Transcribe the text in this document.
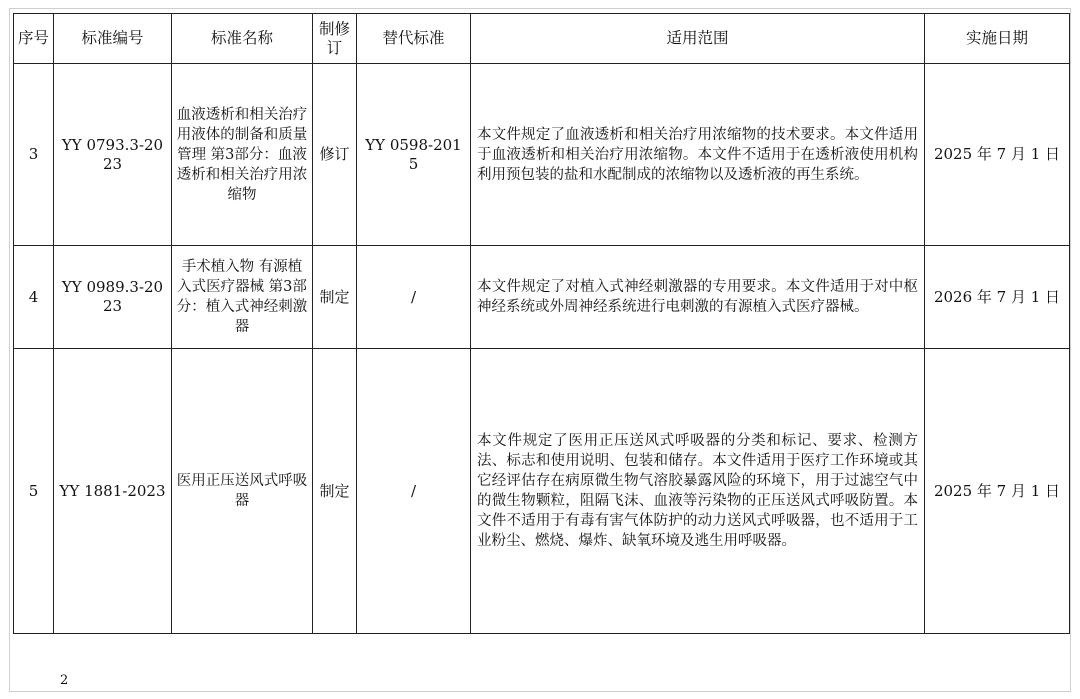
序号	标准编号	标准名称	制修订	替代标准	适用范围	实施日期
3	YY 0793.3-2023	血液透析和相关治疗用液体的制备和质量管理 第3部分：血液透析和相关治疗用浓缩物	修订	YY 0598-2015	本文件规定了血液透析和相关治疗用浓缩物的技术要求。本文件适用于血液透析和相关治疗用浓缩物。本文件不适用于在透析液使用机构利用预包装的盐和水配制成的浓缩物以及透析液的再生系统。	2025 年 7 月 1 日
4	YY 0989.3-2023	手术植入物 有源植入式医疗器械 第3部分：植入式神经刺激器	制定	/	本文件规定了对植入式神经刺激器的专用要求。本文件适用于对中枢神经系统或外周神经系统进行电刺激的有源植入式医疗器械。	2026 年 7 月 1 日
5	YY 1881-2023	医用正压送风式呼吸器	制定	/	本文件规定了医用正压送风式呼吸器的分类和标记、要求、检测方法、标志和使用说明、包装和储存。本文件适用于医疗工作环境或其它经评估存在病原微生物气溶胶暴露风险的环境下，用于过滤空气中的微生物颗粒，阻隔飞沫、血液等污染物的正压送风式呼吸防置。本文件不适用于有毒有害气体防护的动力送风式呼吸器，也不适用于工业粉尘、燃烧、爆炸、缺氧环境及逃生用呼吸器。	2025 年 7 月 1 日
2
